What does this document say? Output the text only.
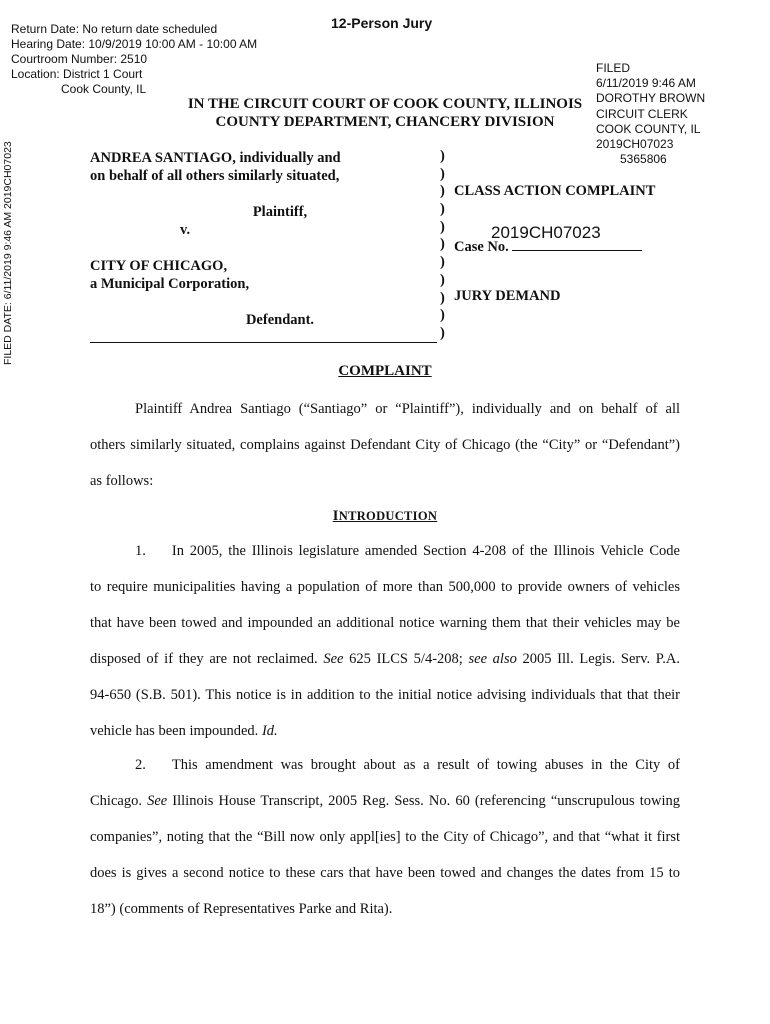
Return Date: No return date scheduled
Hearing Date: 10/9/2019 10:00 AM - 10:00 AM
Courtroom Number: 2510
Location: District 1 Court
Cook County, IL
12-Person Jury
FILED
6/11/2019 9:46 AM
DOROTHY BROWN
CIRCUIT CLERK
COOK COUNTY, IL
2019CH07023
5365806
FILED DATE: 6/11/2019 9:46 AM 2019CH07023
IN THE CIRCUIT COURT OF COOK COUNTY, ILLINOIS
COUNTY DEPARTMENT, CHANCERY DIVISION
ANDREA SANTIAGO, individually and
on behalf of all others similarly situated,
Plaintiff,
v.
CITY OF CHICAGO,
a Municipal Corporation,
Defendant.
)
)
)
)
)
)
)
)
)
)
)
CLASS ACTION COMPLAINT
2019CH07023
Case No.
JURY DEMAND
COMPLAINT
Plaintiff Andrea Santiago (“Santiago” or “Plaintiff”), individually and on behalf of all
others similarly situated, complains against Defendant City of Chicago (the “City” or “Defendant”)
as follows:
INTRODUCTION
1. In 2005, the Illinois legislature amended Section 4-208 of the Illinois Vehicle Code
to require municipalities having a population of more than 500,000 to provide owners of vehicles
that have been towed and impounded an additional notice warning them that their vehicles may be
disposed of if they are not reclaimed. See 625 ILCS 5/4-208; see also 2005 Ill. Legis. Serv. P.A.
94-650 (S.B. 501). This notice is in addition to the initial notice advising individuals that that their
vehicle has been impounded. Id.
2. This amendment was brought about as a result of towing abuses in the City of
Chicago. See Illinois House Transcript, 2005 Reg. Sess. No. 60 (referencing “unscrupulous towing
companies”, noting that the “Bill now only appl[ies] to the City of Chicago”, and that “what it first
does is gives a second notice to these cars that have been towed and changes the dates from 15 to
18”) (comments of Representatives Parke and Rita).
